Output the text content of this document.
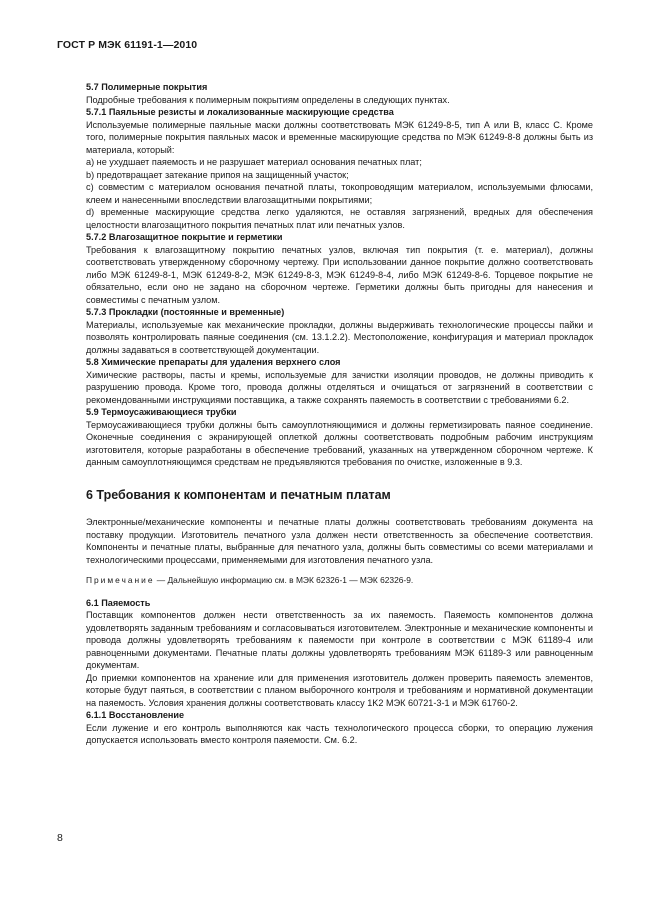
ГОСТ Р МЭК 61191-1—2010

5.7 Полимерные покрытия

Подробные требования к полимерным покрытиям определены в следующих пунктах.

5.7.1 Паяльные резисты и локализованные маскирующие средства

Используемые полимерные паяльные маски должны соответствовать МЭК 61249-8-5, тип А или В, класс С. Кроме того, полимерные покрытия паяльных масок и временные маскирующие средства по МЭК 61249-8-8 должны быть из материала, который:

a) не ухудшает паяемость и не разрушает материал основания печатных плат;

b) предотвращает затекание припоя на защищенный участок;

c) совместим с материалом основания печатной платы, токопроводящим материалом, используемыми флюсами, клеем и нанесенными впоследствии влагозащитными покрытиями;

d) временные маскирующие средства легко удаляются, не оставляя загрязнений, вредных для обеспечения целостности влагозащитного покрытия печатных плат или печатных узлов.

5.7.2 Влагозащитное покрытие и герметики

Требования к влагозащитному покрытию печатных узлов, включая тип покрытия (т. е. материал), должны соответствовать утвержденному сборочному чертежу. При использовании данное покрытие должно соответствовать либо МЭК 61249-8-1, МЭК 61249-8-2, МЭК 61249-8-3, МЭК 61249-8-4, либо МЭК 61249-8-6. Торцевое покрытие не обязательно, если оно не задано на сборочном чертеже. Герметики должны быть пригодны для нанесения и совместимы с печатным узлом.

5.7.3 Прокладки (постоянные и временные)

Материалы, используемые как механические прокладки, должны выдерживать технологические процессы пайки и позволять контролировать паяные соединения (см. 13.1.2.2). Местоположение, конфигурация и материал прокладок должны задаваться в соответствующей документации.

5.8 Химические препараты для удаления верхнего слоя

Химические растворы, пасты и кремы, используемые для зачистки изоляции проводов, не должны приводить к разрушению провода. Кроме того, провода должны отделяться и очищаться от загрязнений в соответствии с рекомендованными инструкциями поставщика, а также сохранять паяемость в соответствии с требованиями 6.2.

5.9 Термоусаживающиеся трубки

Термоусаживающиеся трубки должны быть самоуплотняющимися и должны герметизировать паяное соединение. Оконечные соединения с экранирующей оплеткой должны соответствовать подробным рабочим инструкциям изготовителя, которые разработаны в обеспечение требований, указанных на утвержденном сборочном чертеже. К данным самоуплотняющимся средствам не предъявляются требования по очистке, изложенные в 9.3.

6 Требования к компонентам и печатным платам

Электронные/механические компоненты и печатные платы должны соответствовать требованиям документа на поставку продукции. Изготовитель печатного узла должен нести ответственность за обеспечение соответствия. Компоненты и печатные платы, выбранные для печатного узла, должны быть совместимы со всеми материалами и технологическими процессами, применяемыми для изготовления печатного узла.

Примечание — Дальнейшую информацию см. в МЭК 62326-1 — МЭК 62326-9.

6.1 Паяемость

Поставщик компонентов должен нести ответственность за их паяемость. Паяемость компонентов должна удовлетворять заданным требованиям и согласовываться изготовителем. Электронные и механические компоненты и провода должны удовлетворять требованиям к паяемости при контроле в соответствии с МЭК 61189-4 или равноценными документами. Печатные платы должны удовлетворять требованиям МЭК 61189-3 или равноценным документам.

До приемки компонентов на хранение или для применения изготовитель должен проверить паяемость элементов, которые будут паяться, в соответствии с планом выборочного контроля и требованиям и нормативной документации на паяемость. Условия хранения должны соответствовать классу 1K2 МЭК 60721-3-1 и МЭК 61760-2.

6.1.1 Восстановление

Если лужение и его контроль выполняются как часть технологического процесса сборки, то операцию лужения допускается использовать вместо контроля паяемости. См. 6.2.

8
